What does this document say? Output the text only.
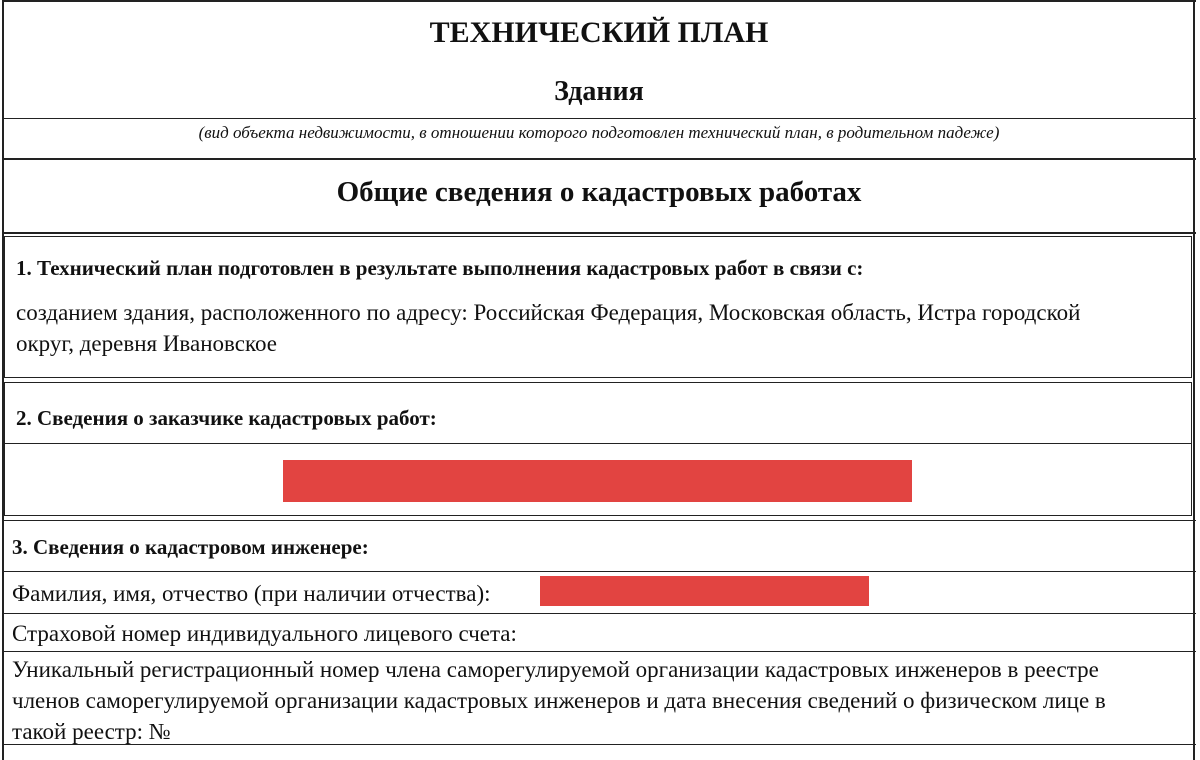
ТЕХНИЧЕСКИЙ ПЛАН
Здания
(вид объекта недвижимости, в отношении которого подготовлен технический план, в родительном падеже)
Общие сведения о кадастровых работах
1. Технический план подготовлен в результате выполнения кадастровых работ в связи с:
созданием здания, расположенного по адресу: Российская Федерация, Московская область, Истра городской округ, деревня Ивановское
2. Сведения о заказчике кадастровых работ:
3. Сведения о кадастровом инженере:
Фамилия, имя, отчество (при наличии отчества):
Страховой номер индивидуального лицевого счета:
Уникальный регистрационный номер члена саморегулируемой организации кадастровых инженеров в реестре членов саморегулируемой организации кадастровых инженеров и дата внесения сведений о физическом лице в такой реестр: №
